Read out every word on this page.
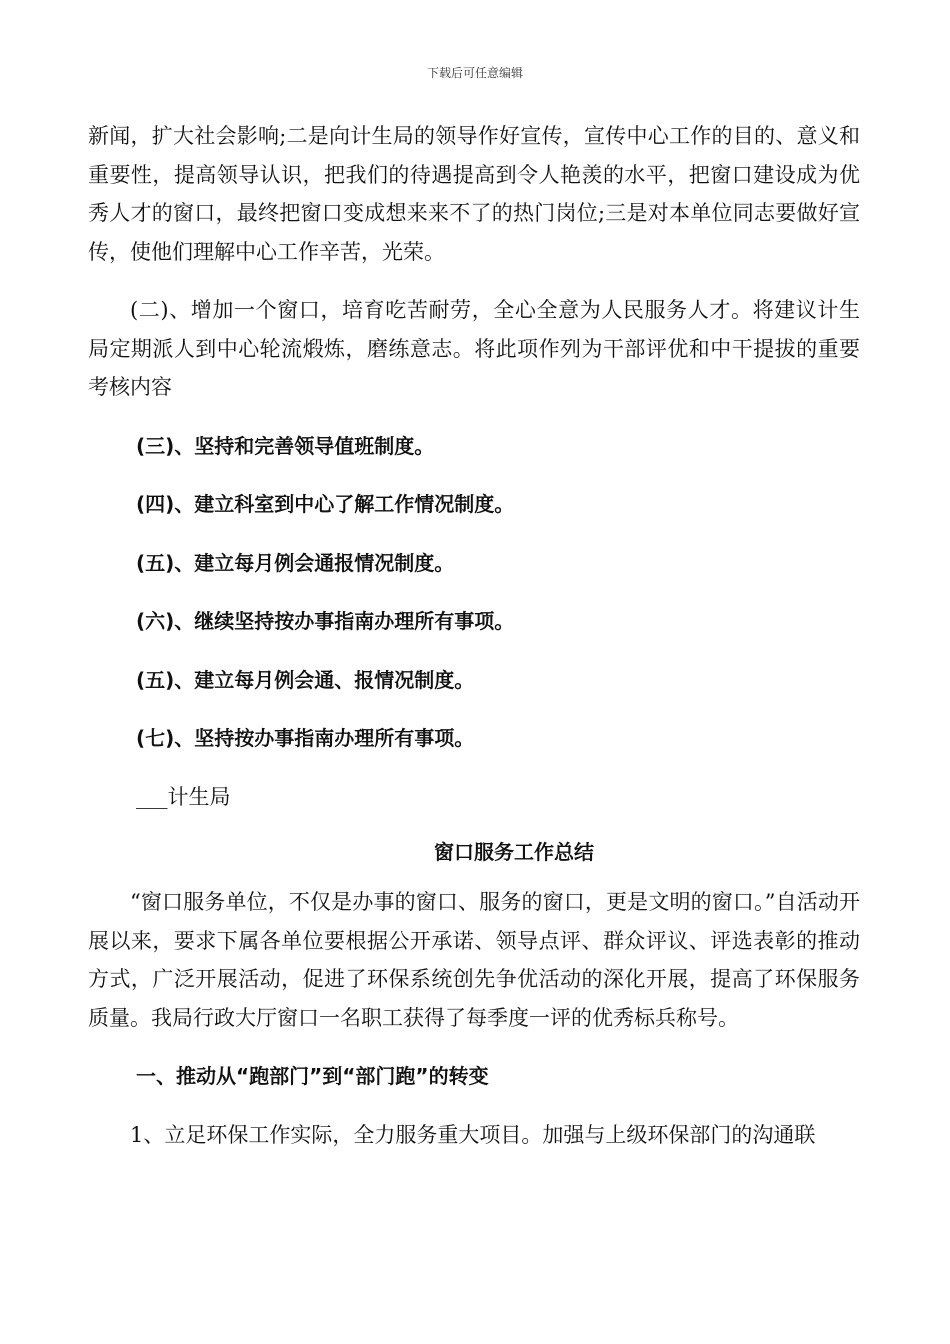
下载后可任意编辑

新闻，扩大社会影响;二是向计生局的领导作好宣传，宣传中心工作的目的、意义和重要性，提高领导认识，把我们的待遇提高到令人艳羡的水平，把窗口建设成为优秀人才的窗口，最终把窗口变成想来来不了的热门岗位;三是对本单位同志要做好宣传，使他们理解中心工作辛苦，光荣。

(二)、增加一个窗口，培育吃苦耐劳，全心全意为人民服务人才。将建议计生局定期派人到中心轮流煅炼，磨练意志。将此项作列为干部评优和中干提拔的重要考核内容

(三)、坚持和完善领导值班制度。
(四)、建立科室到中心了解工作情况制度。
(五)、建立每月例会通报情况制度。
(六)、继续坚持按办事指南办理所有事项。
(五)、建立每月例会通、报情况制度。
(七)、坚持按办事指南办理所有事项。

___计生局

窗口服务工作总结

“窗口服务单位，不仅是办事的窗口、服务的窗口，更是文明的窗口。”自活动开展以来，要求下属各单位要根据公开承诺、领导点评、群众评议、评选表彰的推动方式，广泛开展活动，促进了环保系统创先争优活动的深化开展，提高了环保服务质量。我局行政大厅窗口一名职工获得了每季度一评的优秀标兵称号。

一、推动从“跑部门”到“部门跑”的转变

1、立足环保工作实际，全力服务重大项目。加强与上级环保部门的沟通联
